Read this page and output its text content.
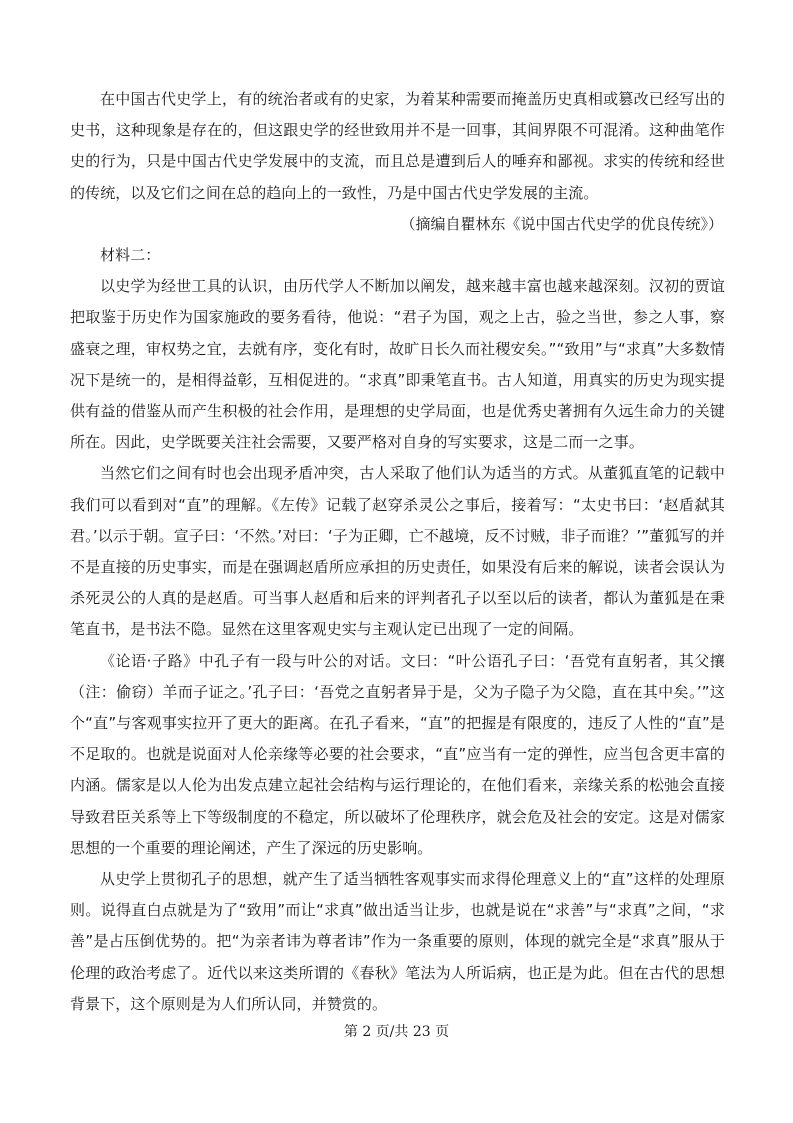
在中国古代史学上，有的统治者或有的史家，为着某种需要而掩盖历史真相或篡改已经写出的史书，这种现象是存在的，但这跟史学的经世致用并不是一回事，其间界限不可混淆。这种曲笔作史的行为，只是中国古代史学发展中的支流，而且总是遭到后人的唾弃和鄙视。求实的传统和经世的传统，以及它们之间在总的趋向上的一致性，乃是中国古代史学发展的主流。

（摘编自瞿林东《说中国古代史学的优良传统》）

材料二：

以史学为经世工具的认识，由历代学人不断加以阐发，越来越丰富也越来越深刻。汉初的贾谊把取鉴于历史作为国家施政的要务看待，他说：“君子为国，观之上古，验之当世，参之人事，察盛衰之理，审权势之宜，去就有序，变化有时，故旷日长久而社稷安矣。”“致用”与“求真”大多数情况下是统一的，是相得益彰，互相促进的。“求真”即秉笔直书。古人知道，用真实的历史为现实提供有益的借鉴从而产生积极的社会作用，是理想的史学局面，也是优秀史著拥有久远生命力的关键所在。因此，史学既要关注社会需要，又要严格对自身的写实要求，这是二而一之事。

当然它们之间有时也会出现矛盾冲突，古人采取了他们认为适当的方式。从董狐直笔的记载中我们可以看到对“直”的理解。《左传》记载了赵穿杀灵公之事后，接着写：“太史书曰：‘赵盾弑其君。’以示于朝。宣子曰：‘不然。’对曰：‘子为正卿，亡不越境，反不讨贼，非子而谁？’”董狐写的并不是直接的历史事实，而是在强调赵盾所应承担的历史责任，如果没有后来的解说，读者会误认为杀死灵公的人真的是赵盾。可当事人赵盾和后来的评判者孔子以至以后的读者，都认为董狐是在秉笔直书，是书法不隐。显然在这里客观史实与主观认定已出现了一定的间隔。

《论语·子路》中孔子有一段与叶公的对话。文曰：“叶公语孔子曰：‘吾党有直躬者，其父攘（注：偷窃）羊而子证之。’孔子曰：‘吾党之直躬者异于是，父为子隐子为父隐，直在其中矣。’”这个“直”与客观事实拉开了更大的距离。在孔子看来，“直”的把握是有限度的，违反了人性的“直”是不足取的。也就是说面对人伦亲缘等必要的社会要求，“直”应当有一定的弹性，应当包含更丰富的内涵。儒家是以人伦为出发点建立起社会结构与运行理论的，在他们看来，亲缘关系的松弛会直接导致君臣关系等上下等级制度的不稳定，所以破坏了伦理秩序，就会危及社会的安定。这是对儒家思想的一个重要的理论阐述，产生了深远的历史影响。

从史学上贯彻孔子的思想，就产生了适当牺牲客观事实而求得伦理意义上的“直”这样的处理原则。说得直白点就是为了“致用”而让“求真”做出适当让步，也就是说在“求善”与“求真”之间，“求善”是占压倒优势的。把“为亲者讳为尊者讳”作为一条重要的原则，体现的就完全是“求真”服从于伦理的政治考虑了。近代以来这类所谓的《春秋》笔法为人所诟病，也正是为此。但在古代的思想背景下，这个原则是为人们所认同，并赞赏的。

第 2 页/共 23 页
